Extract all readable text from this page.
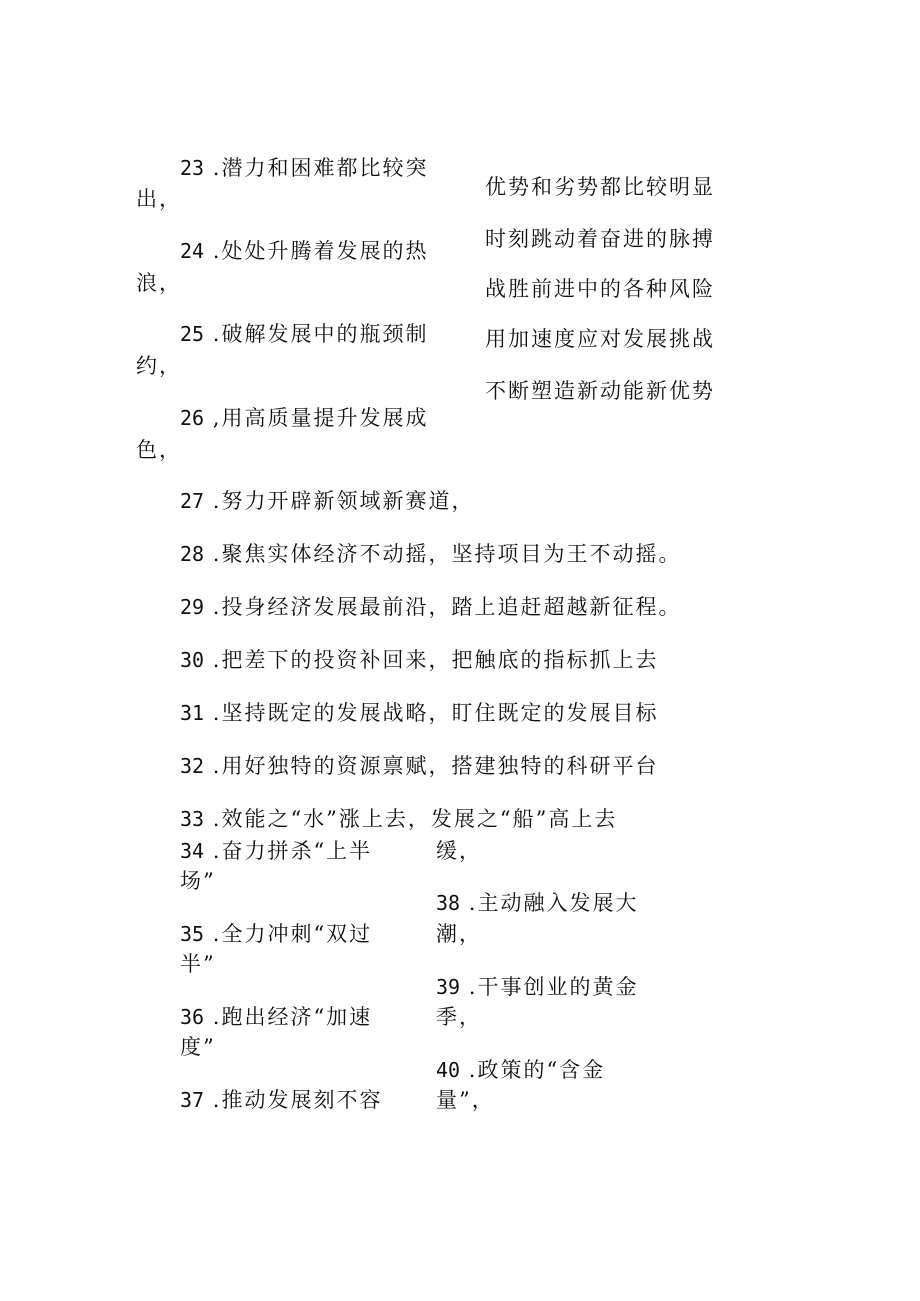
23 .潜力和困难都比较突
出，
24 .处处升腾着发展的热
浪，
25 .破解发展中的瓶颈制
约，
26 ,用高质量提升发展成
色，
优势和劣势都比较明显
时刻跳动着奋进的脉搏
战胜前进中的各种风险
用加速度应对发展挑战
不断塑造新动能新优势
27 .努力开辟新领域新赛道，
28 .聚焦实体经济不动摇，坚持项目为王不动摇。
29 .投身经济发展最前沿，踏上追赶超越新征程。
30 .把差下的投资补回来，把触底的指标抓上去
31 .坚持既定的发展战略，盯住既定的发展目标
32 .用好独特的资源禀赋，搭建独特的科研平台
33 .效能之“水”涨上去，发展之“船”高上去
34 .奋力拼杀“上半
场”
35 .全力冲刺“双过
半”
36 .跑出经济“加速
度”
37 .推动发展刻不容
缓，
38 .主动融入发展大
潮，
39 .干事创业的黄金
季，
40 .政策的“含金
量”，
